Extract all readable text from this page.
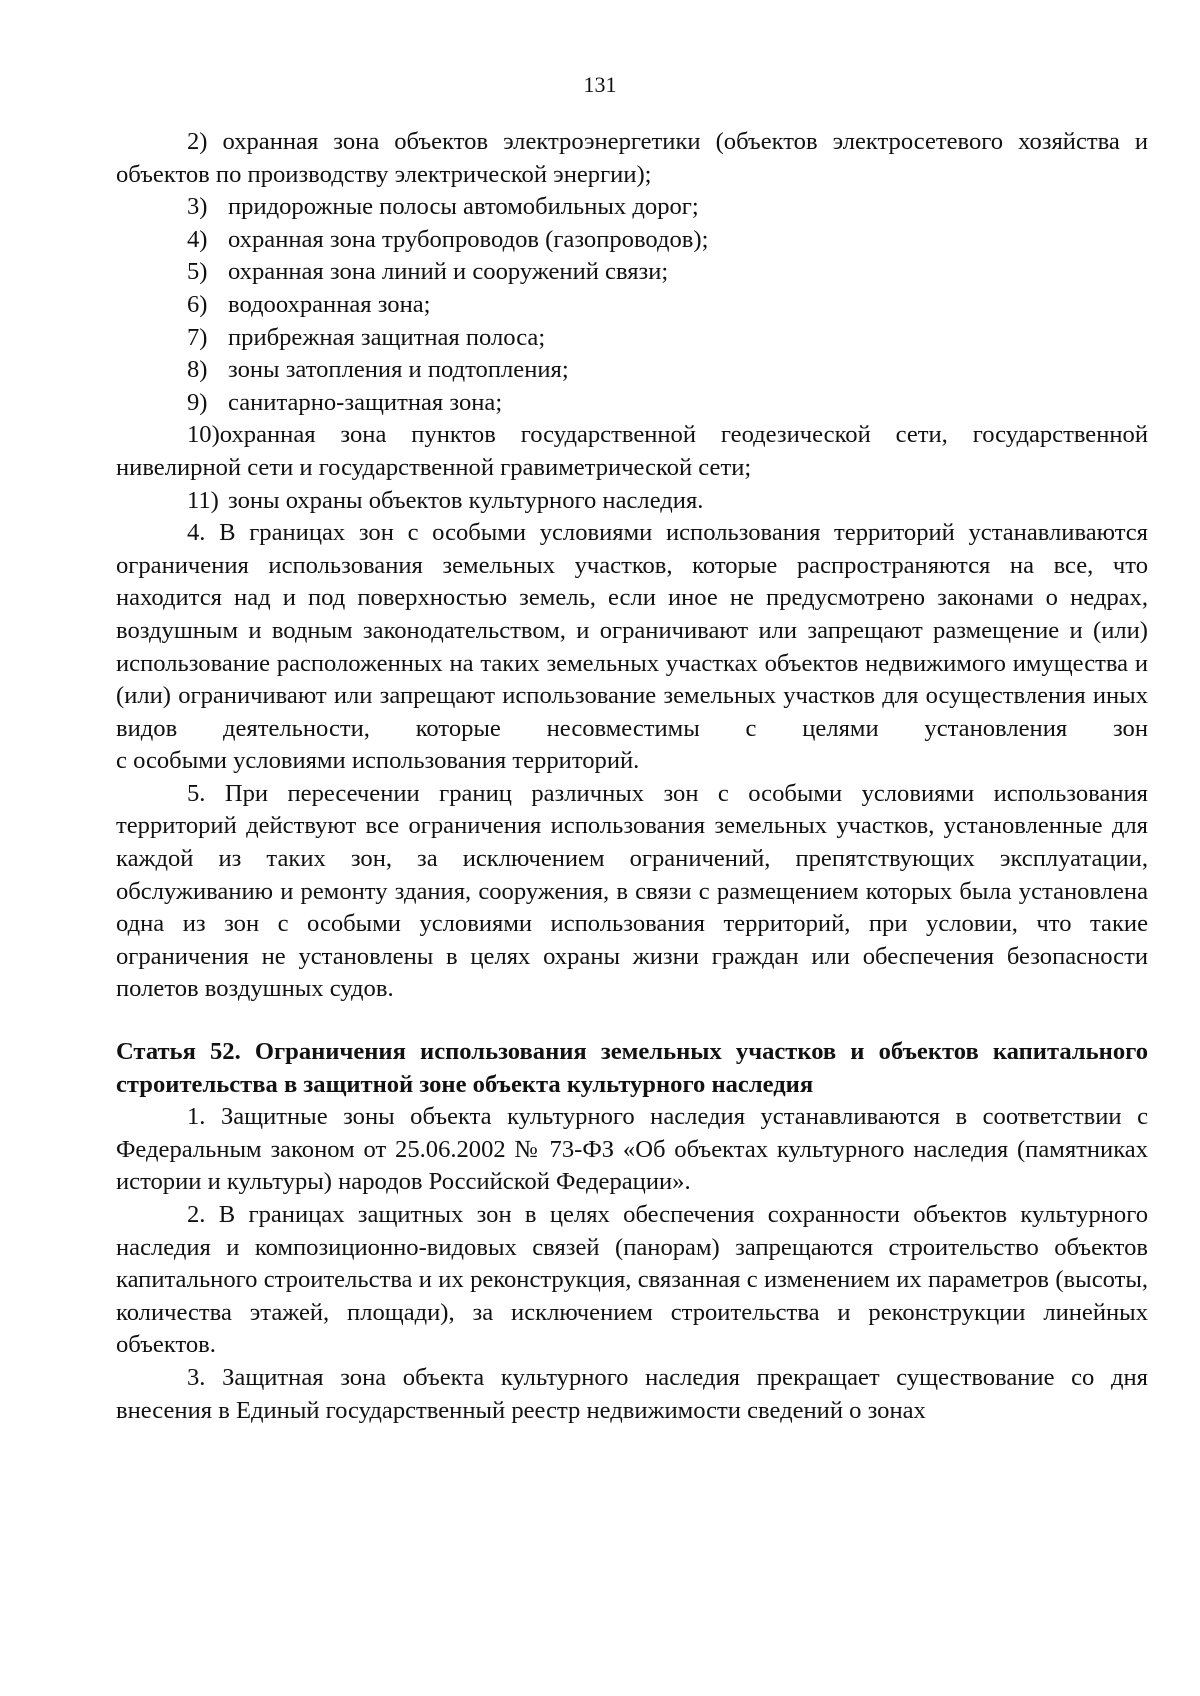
131

2) охранная зона объектов электроэнергетики (объектов электросетевого хозяйства и объектов по производству электрической энергии);

3) придорожные полосы автомобильных дорог;

4) охранная зона трубопроводов (газопроводов);

5) охранная зона линий и сооружений связи;

6) водоохранная зона;

7) прибрежная защитная полоса;

8) зоны затопления и подтопления;

9) санитарно-защитная зона;

10)охранная зона пунктов государственной геодезической сети, государственной нивелирной сети и государственной гравиметрической сети;

11) зоны охраны объектов культурного наследия.

4. В границах зон с особыми условиями использования территорий устанавливаются ограничения использования земельных участков, которые распространяются на все, что находится над и под поверхностью земель, если иное не предусмотрено законами о недрах, воздушным и водным законодательством, и ограничивают или запрещают размещение и (или) использование расположенных на таких земельных участках объектов недвижимого имущества и (или) ограничивают или запрещают использование земельных участков для осуществления иных видов деятельности, которые несовместимы с целями установления зон

с особыми условиями использования территорий.

5. При пересечении границ различных зон с особыми условиями использования территорий действуют все ограничения использования земельных участков, установленные для каждой из таких зон, за исключением ограничений, препятствующих эксплуатации, обслуживанию и ремонту здания, сооружения, в связи с размещением которых была установлена одна из зон с особыми условиями использования территорий, при условии, что такие ограничения не установлены в целях охраны жизни граждан или обеспечения безопасности полетов воздушных судов.

Статья 52. Ограничения использования земельных участков и объектов капитального строительства в защитной зоне объекта культурного наследия

1. Защитные зоны объекта культурного наследия устанавливаются в соответствии с Федеральным законом от 25.06.2002 № 73-ФЗ «Об объектах культурного наследия (памятниках истории и культуры) народов Российской Федерации».

2. В границах защитных зон в целях обеспечения сохранности объектов культурного наследия и композиционно-видовых связей (панорам) запрещаются строительство объектов капитального строительства и их реконструкция, связанная с изменением их параметров (высоты, количества этажей, площади), за исключением строительства и реконструкции линейных объектов.

3. Защитная зона объекта культурного наследия прекращает существование со дня внесения в Единый государственный реестр недвижимости сведений о зонах
